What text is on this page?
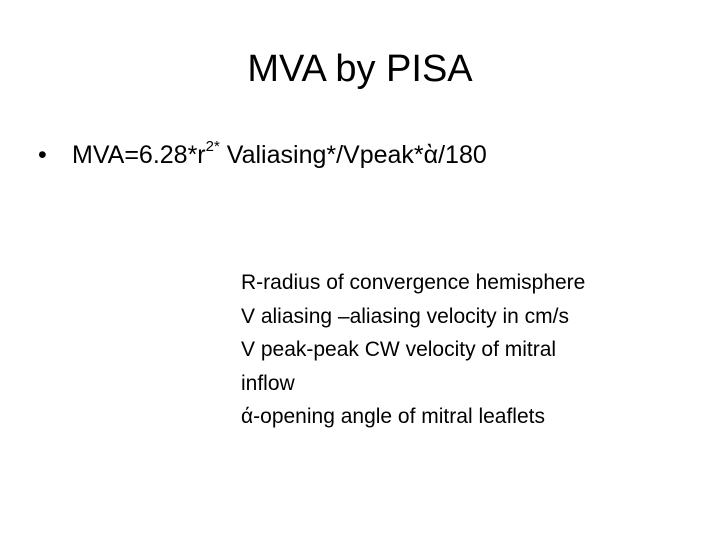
MVA by PISA
• $MVA=6.28*r^{2*}$ Valiasing*/Vpeak*ὰ/180
R-radius of convergence hemisphere
V aliasing –aliasing velocity in cm/s
V peak-peak CW velocity of mitral
inflow
ά-opening angle of mitral leaflets
